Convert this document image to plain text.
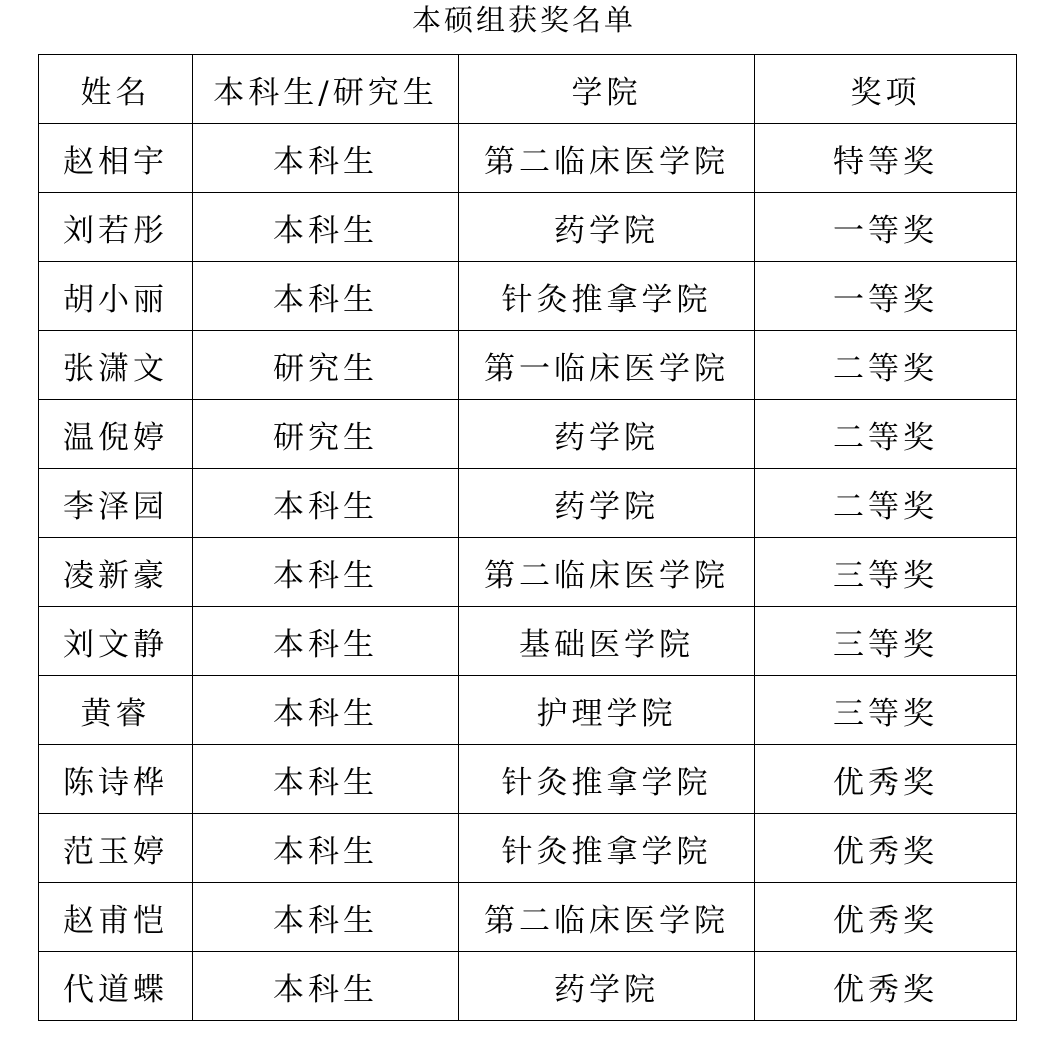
本硕组获奖名单
姓名	本科生/研究生	学院	奖项
赵相宇	本科生	第二临床医学院	特等奖
刘若彤	本科生	药学院	一等奖
胡小丽	本科生	针灸推拿学院	一等奖
张潇文	研究生	第一临床医学院	二等奖
温倪婷	研究生	药学院	二等奖
李泽园	本科生	药学院	二等奖
凌新豪	本科生	第二临床医学院	三等奖
刘文静	本科生	基础医学院	三等奖
黄睿	本科生	护理学院	三等奖
陈诗桦	本科生	针灸推拿学院	优秀奖
范玉婷	本科生	针灸推拿学院	优秀奖
赵甫恺	本科生	第二临床医学院	优秀奖
代道蝶	本科生	药学院	优秀奖
